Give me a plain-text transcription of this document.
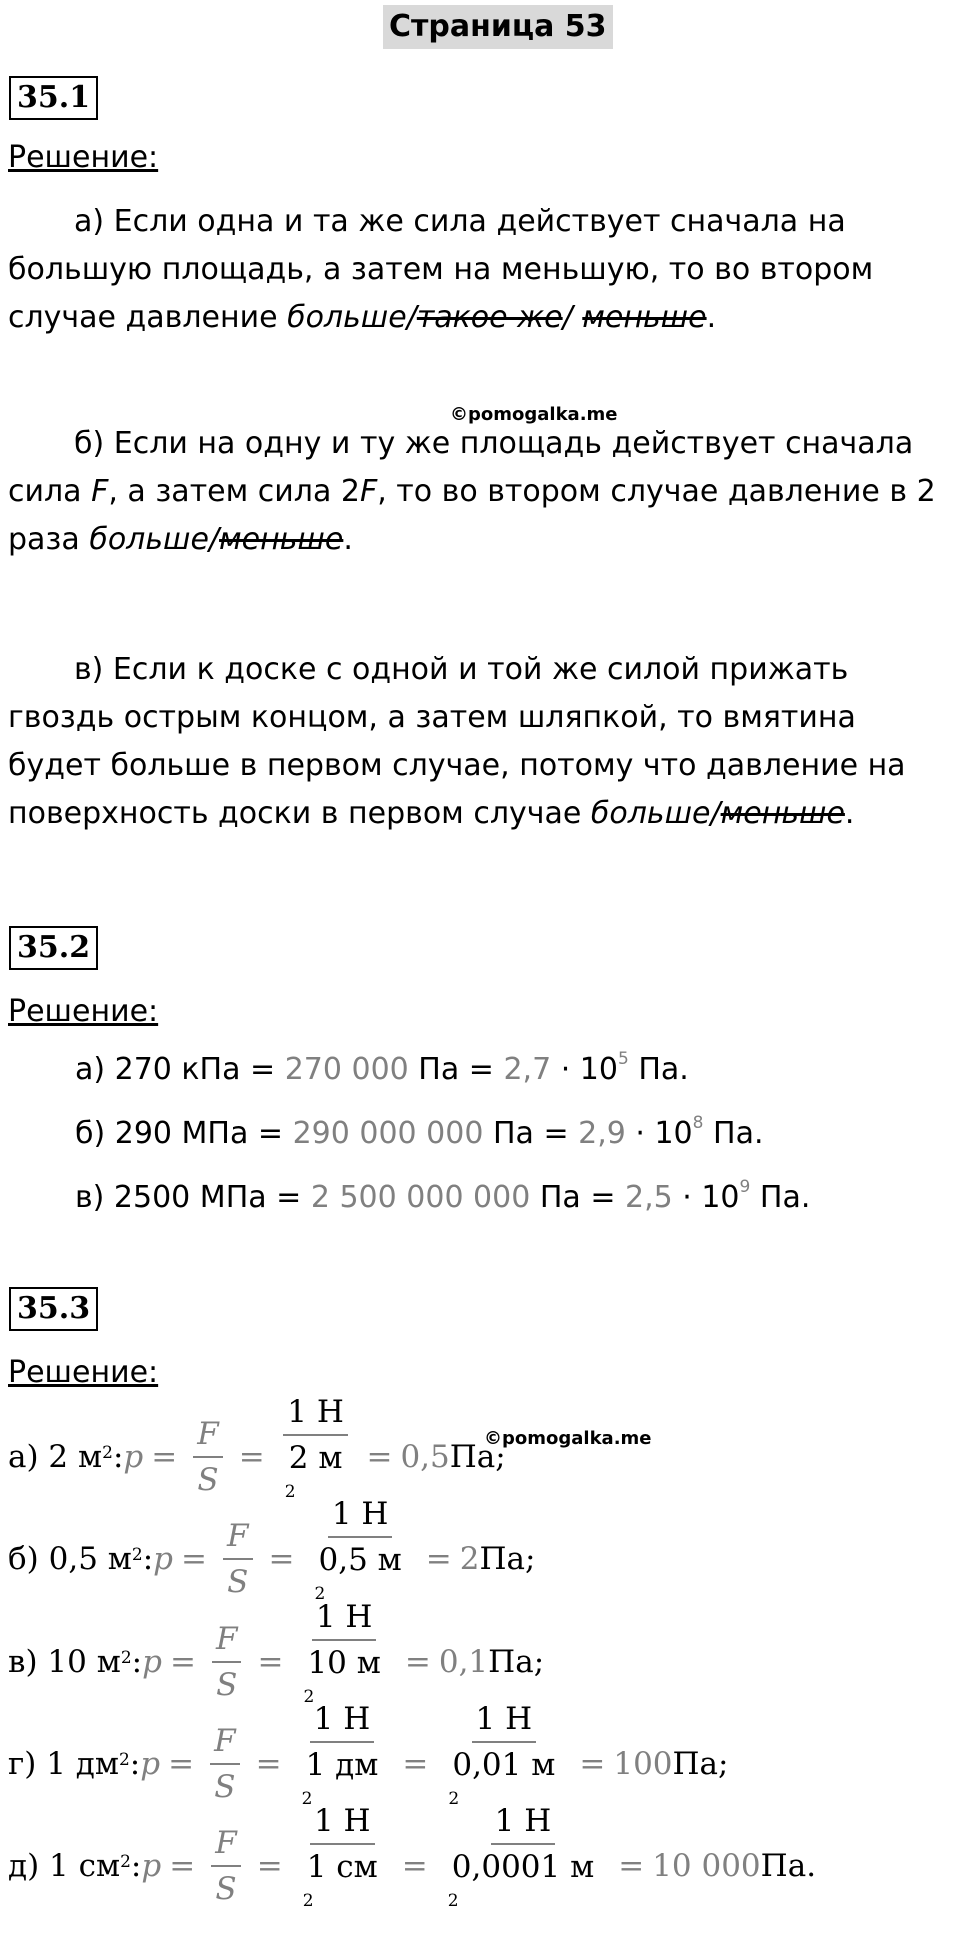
Страница 53
35.1
Решение:
а) Если одна и та же сила действует сначала на большую площадь, а затем на меньшую, то во втором случае давление больше/такое же/ меньше.
©pomogalka.me
б) Если на одну и ту же площадь действует сначала сила F, а затем сила 2F, то во втором случае давление в 2 раза больше/меньше.
в) Если к доске с одной и той же силой прижать гвоздь острым концом, а затем шляпкой, то вмятина будет больше в первом случае, потому что давление на поверхность доски в первом случае больше/меньше.
35.2
Решение:
а) 270 кПа = 270 000 Па = $2,7 \cdot 10^5$ Па.
б) 290 МПа = 290 000 000 Па = $2,9 \cdot 10^8$ Па.
в) 2500 МПа = 2 500 000 000 Па = $2,5 \cdot 10^9$ Па.
35.3
Решение:
©pomogalka.me
а) 2 $м^2$ : $p = \frac{F}{S} = 1$ Н
2 м
$^2$ = 0,5 Па;
б) 0,5 $м^2$ : $p = \frac{F}{S} = 1$ Н
0,5 м
$^2$ = 2 Па;
в) 10 $м^2$ : $p = \frac{F}{S} = 1$ Н
10 м
$^2$ = 0,1 Па;
г) 1 $дм^2$ : $p = \frac{F}{S} = 1$ Н
1 дм
$^2$ = 1 Н
0,01 м
$^2$ = 100 Па;
д) 1 $см^2$ : $p = \frac{F}{S} = 1$ Н
1 см
$^2$ = 1 Н
0,0001 м
$^2$ = 10 000 Па.
